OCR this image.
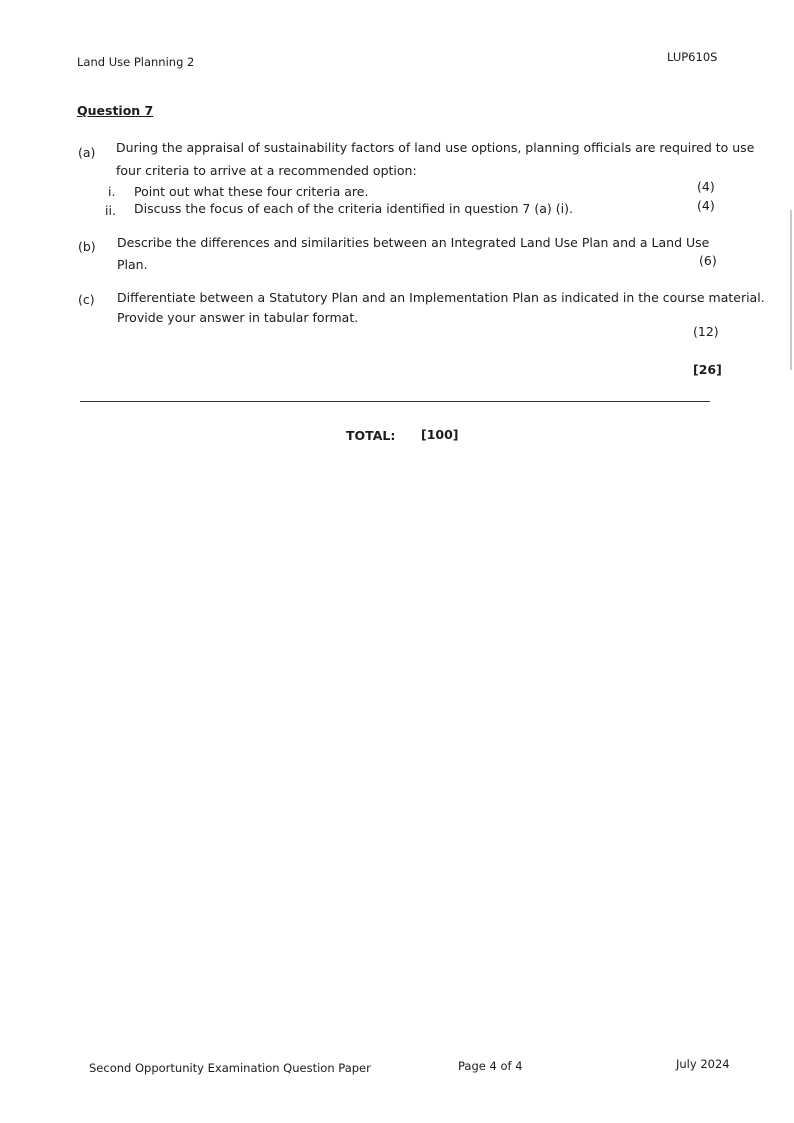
Land Use Planning 2	LUP610S
Question 7
(a) During the appraisal of sustainability factors of land use options, planning officials are required to use
four criteria to arrive at a recommended option:
i. Point out what these four criteria are.	(4)
ii. Discuss the focus of each of the criteria identified in question 7 (a) (i).	(4)
(b) Describe the differences and similarities between an Integrated Land Use Plan and a Land Use
Plan.	(6)
(c) Differentiate between a Statutory Plan and an Implementation Plan as indicated in the course material.
Provide your answer in tabular format.
(12)
[26]
TOTAL: [100]
Second Opportunity Examination Question Paper	Page 4 of 4	July 2024
